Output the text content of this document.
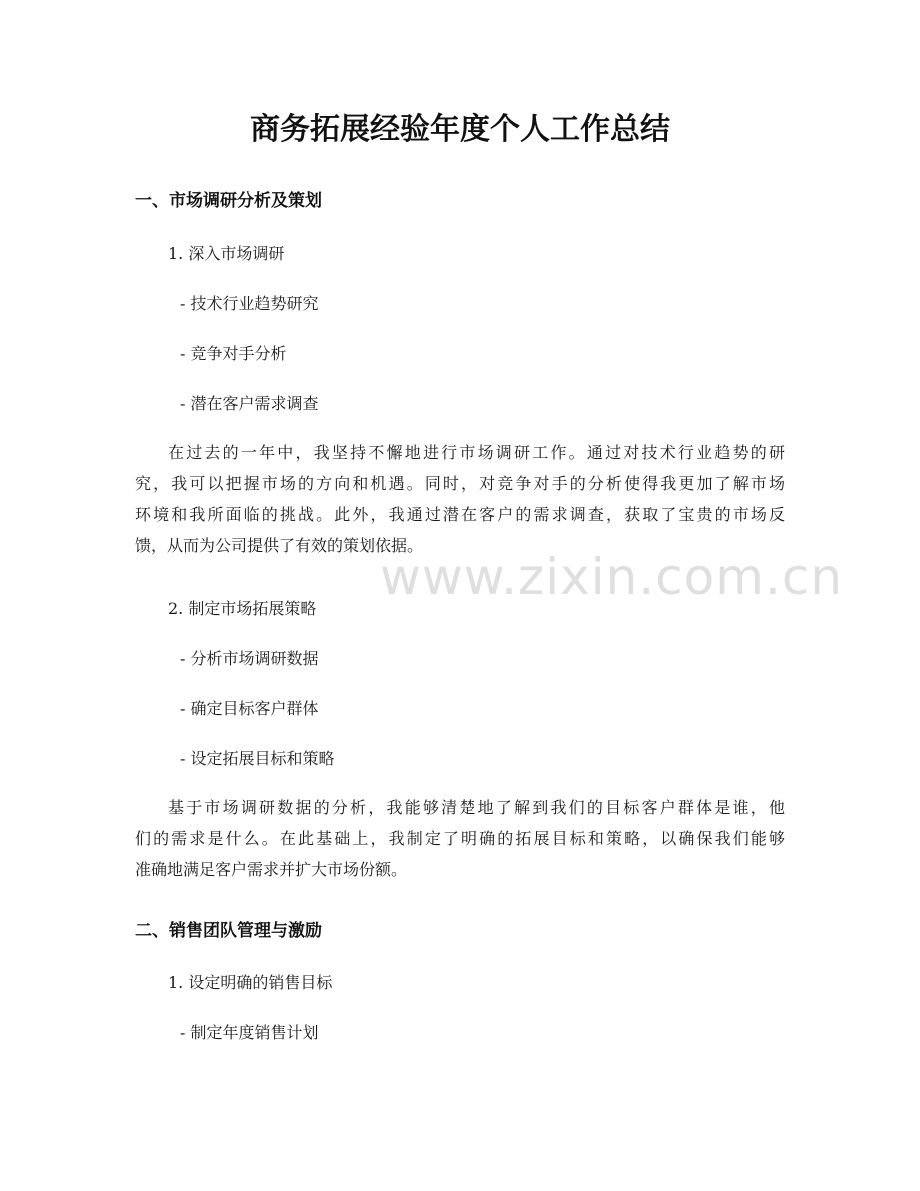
商务拓展经验年度个人工作总结
一、市场调研分析及策划
1. 深入市场调研
- 技术行业趋势研究
- 竞争对手分析
- 潜在客户需求调查
在过去的一年中，我坚持不懈地进行市场调研工作。通过对技术行业趋势的研
究，我可以把握市场的方向和机遇。同时，对竞争对手的分析使得我更加了解市场
环境和我所面临的挑战。此外，我通过潜在客户的需求调查，获取了宝贵的市场反
馈，从而为公司提供了有效的策划依据。
2. 制定市场拓展策略
- 分析市场调研数据
- 确定目标客户群体
- 设定拓展目标和策略
基于市场调研数据的分析，我能够清楚地了解到我们的目标客户群体是谁，他
们的需求是什么。在此基础上，我制定了明确的拓展目标和策略，以确保我们能够
准确地满足客户需求并扩大市场份额。
二、销售团队管理与激励
1. 设定明确的销售目标
- 制定年度销售计划
www.zixin.com.cn
